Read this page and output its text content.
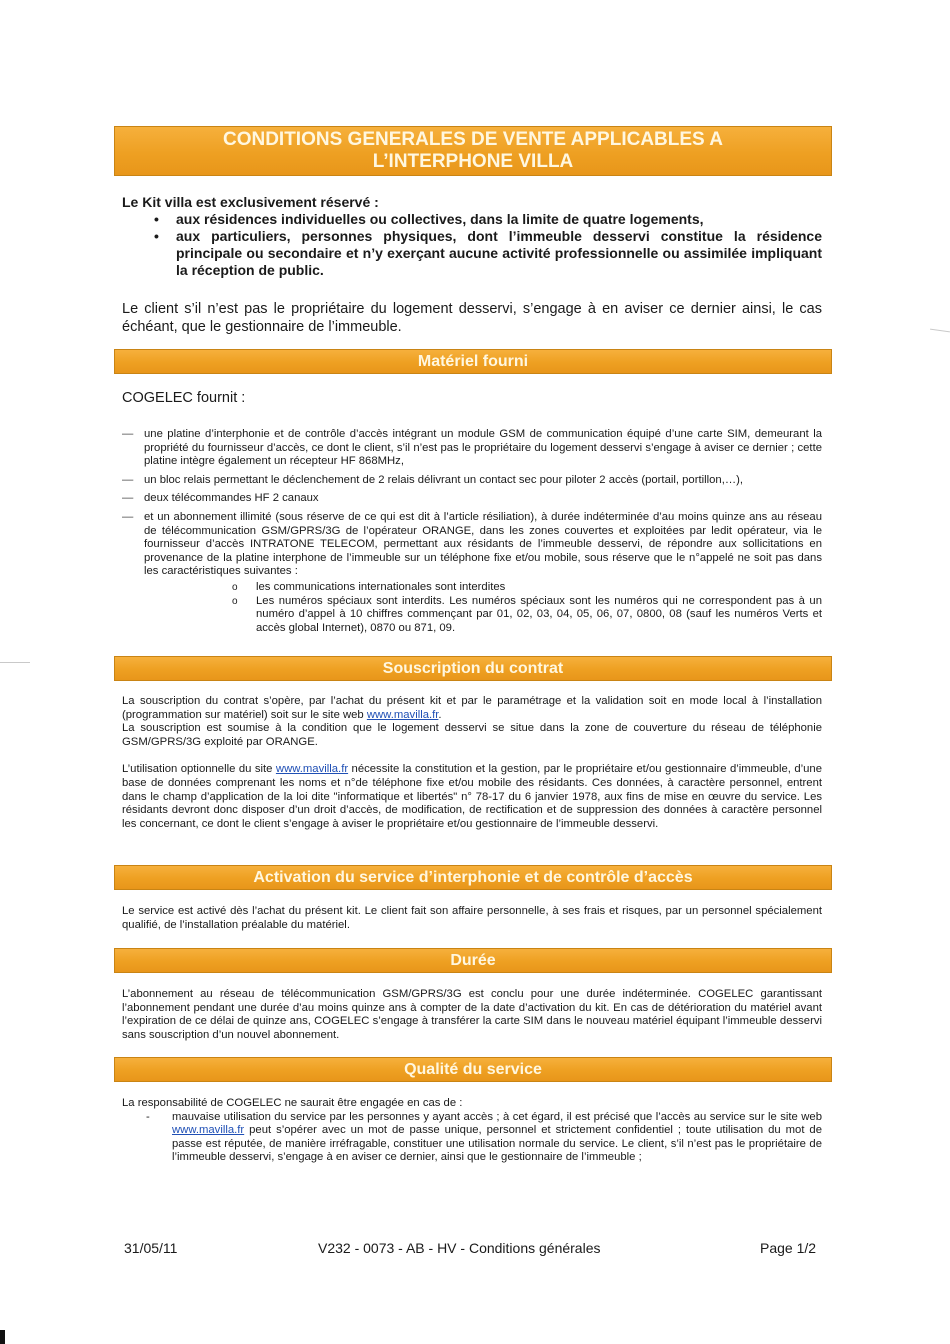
CONDITIONS GENERALES DE VENTE APPLICABLES A
L’INTERPHONE VILLA
Le Kit villa est exclusivement réservé :
• aux résidences individuelles ou collectives, dans la limite de quatre logements,
• aux particuliers, personnes physiques, dont l’immeuble desservi constitue la résidence principale ou secondaire et n’y exerçant aucune activité professionnelle ou assimilée impliquant la réception de public.

Le client s’il n’est pas le propriétaire du logement desservi, s’engage à en aviser ce dernier ainsi, le cas échéant, que le gestionnaire de l’immeuble.

Matériel fourni

COGELEC fournit :

— une platine d’interphonie et de contrôle d’accès intégrant un module GSM de communication équipé d’une carte SIM, demeurant la propriété du fournisseur d’accès, ce dont le client, s’il n’est pas le propriétaire du logement desservi s’engage à aviser ce dernier ; cette platine intègre également un récepteur HF 868MHz,
— un bloc relais permettant le déclenchement de 2 relais délivrant un contact sec pour piloter 2 accès (portail, portillon,…),
— deux télécommandes HF 2 canaux
— et un abonnement illimité (sous réserve de ce qui est dit à l’article résiliation), à durée indéterminée d’au moins quinze ans au réseau de télécommunication GSM/GPRS/3G de l’opérateur ORANGE, dans les zones couvertes et exploitées par ledit opérateur, via le fournisseur d’accès INTRATONE TELECOM, permettant aux résidants de l’immeuble desservi, de répondre aux sollicitations en provenance de la platine interphone de l’immeuble sur un téléphone fixe et/ou mobile, sous réserve que le n°appelé ne soit pas dans les caractéristiques suivantes :
o les communications internationales sont interdites
o Les numéros spéciaux sont interdits. Les numéros spéciaux sont les numéros qui ne correspondent pas à un numéro d’appel à 10 chiffres commençant par 01, 02, 03, 04, 05, 06, 07, 0800, 08 (sauf les numéros Verts et accès global Internet), 0870 ou 871, 09.
Souscription du contrat
La souscription du contrat s’opère, par l’achat du présent kit et par le paramétrage et la validation soit en mode local à l’installation (programmation sur matériel) soit sur le site web www.mavilla.fr.
La souscription est soumise à la condition que le logement desservi se situe dans la zone de couverture du réseau de téléphonie GSM/GPRS/3G exploité par ORANGE.
L’utilisation optionnelle du site www.mavilla.fr nécessite la constitution et la gestion, par le propriétaire et/ou gestionnaire d’immeuble, d’une base de données comprenant les noms et n°de téléphone fixe et/ou mobile des résidants. Ces données, à caractère personnel, entrent dans le champ d’application de la loi dite "informatique et libertés" n° 78-17 du 6 janvier 1978, aux fins de mise en œuvre du service. Les résidants devront donc disposer d’un droit d’accès, de modification, de rectification et de suppression des données à caractère personnel les concernant, ce dont le client s’engage à aviser le propriétaire et/ou gestionnaire de l’immeuble desservi.
Activation du service d’interphonie et de contrôle d’accès

Le service est activé dès l’achat du présent kit. Le client fait son affaire personnelle, à ses frais et risques, par un personnel spécialement qualifié, de l’installation préalable du matériel.

Durée

L’abonnement au réseau de télécommunication GSM/GPRS/3G est conclu pour une durée indéterminée. COGELEC garantissant l’abonnement pendant une durée d’au moins quinze ans à compter de la date d’activation du kit. En cas de détérioration du matériel avant l’expiration de ce délai de quinze ans, COGELEC s’engage à transférer la carte SIM dans le nouveau matériel équipant l’immeuble desservi sans souscription d’un nouvel abonnement.

Qualité du service
La responsabilité de COGELEC ne saurait être engagée en cas de :
- mauvaise utilisation du service par les personnes y ayant accès ; à cet égard, il est précisé que l’accès au service sur le site web www.mavilla.fr peut s’opérer avec un mot de passe unique, personnel et strictement confidentiel ; toute utilisation du mot de passe est réputée, de manière irréfragable, constituer une utilisation normale du service. Le client, s’il n’est pas le propriétaire de l’immeuble desservi, s’engage à en aviser ce dernier, ainsi que le gestionnaire de l’immeuble ;
31/05/11	V232 - 0073 - AB - HV - Conditions générales	Page 1/2
